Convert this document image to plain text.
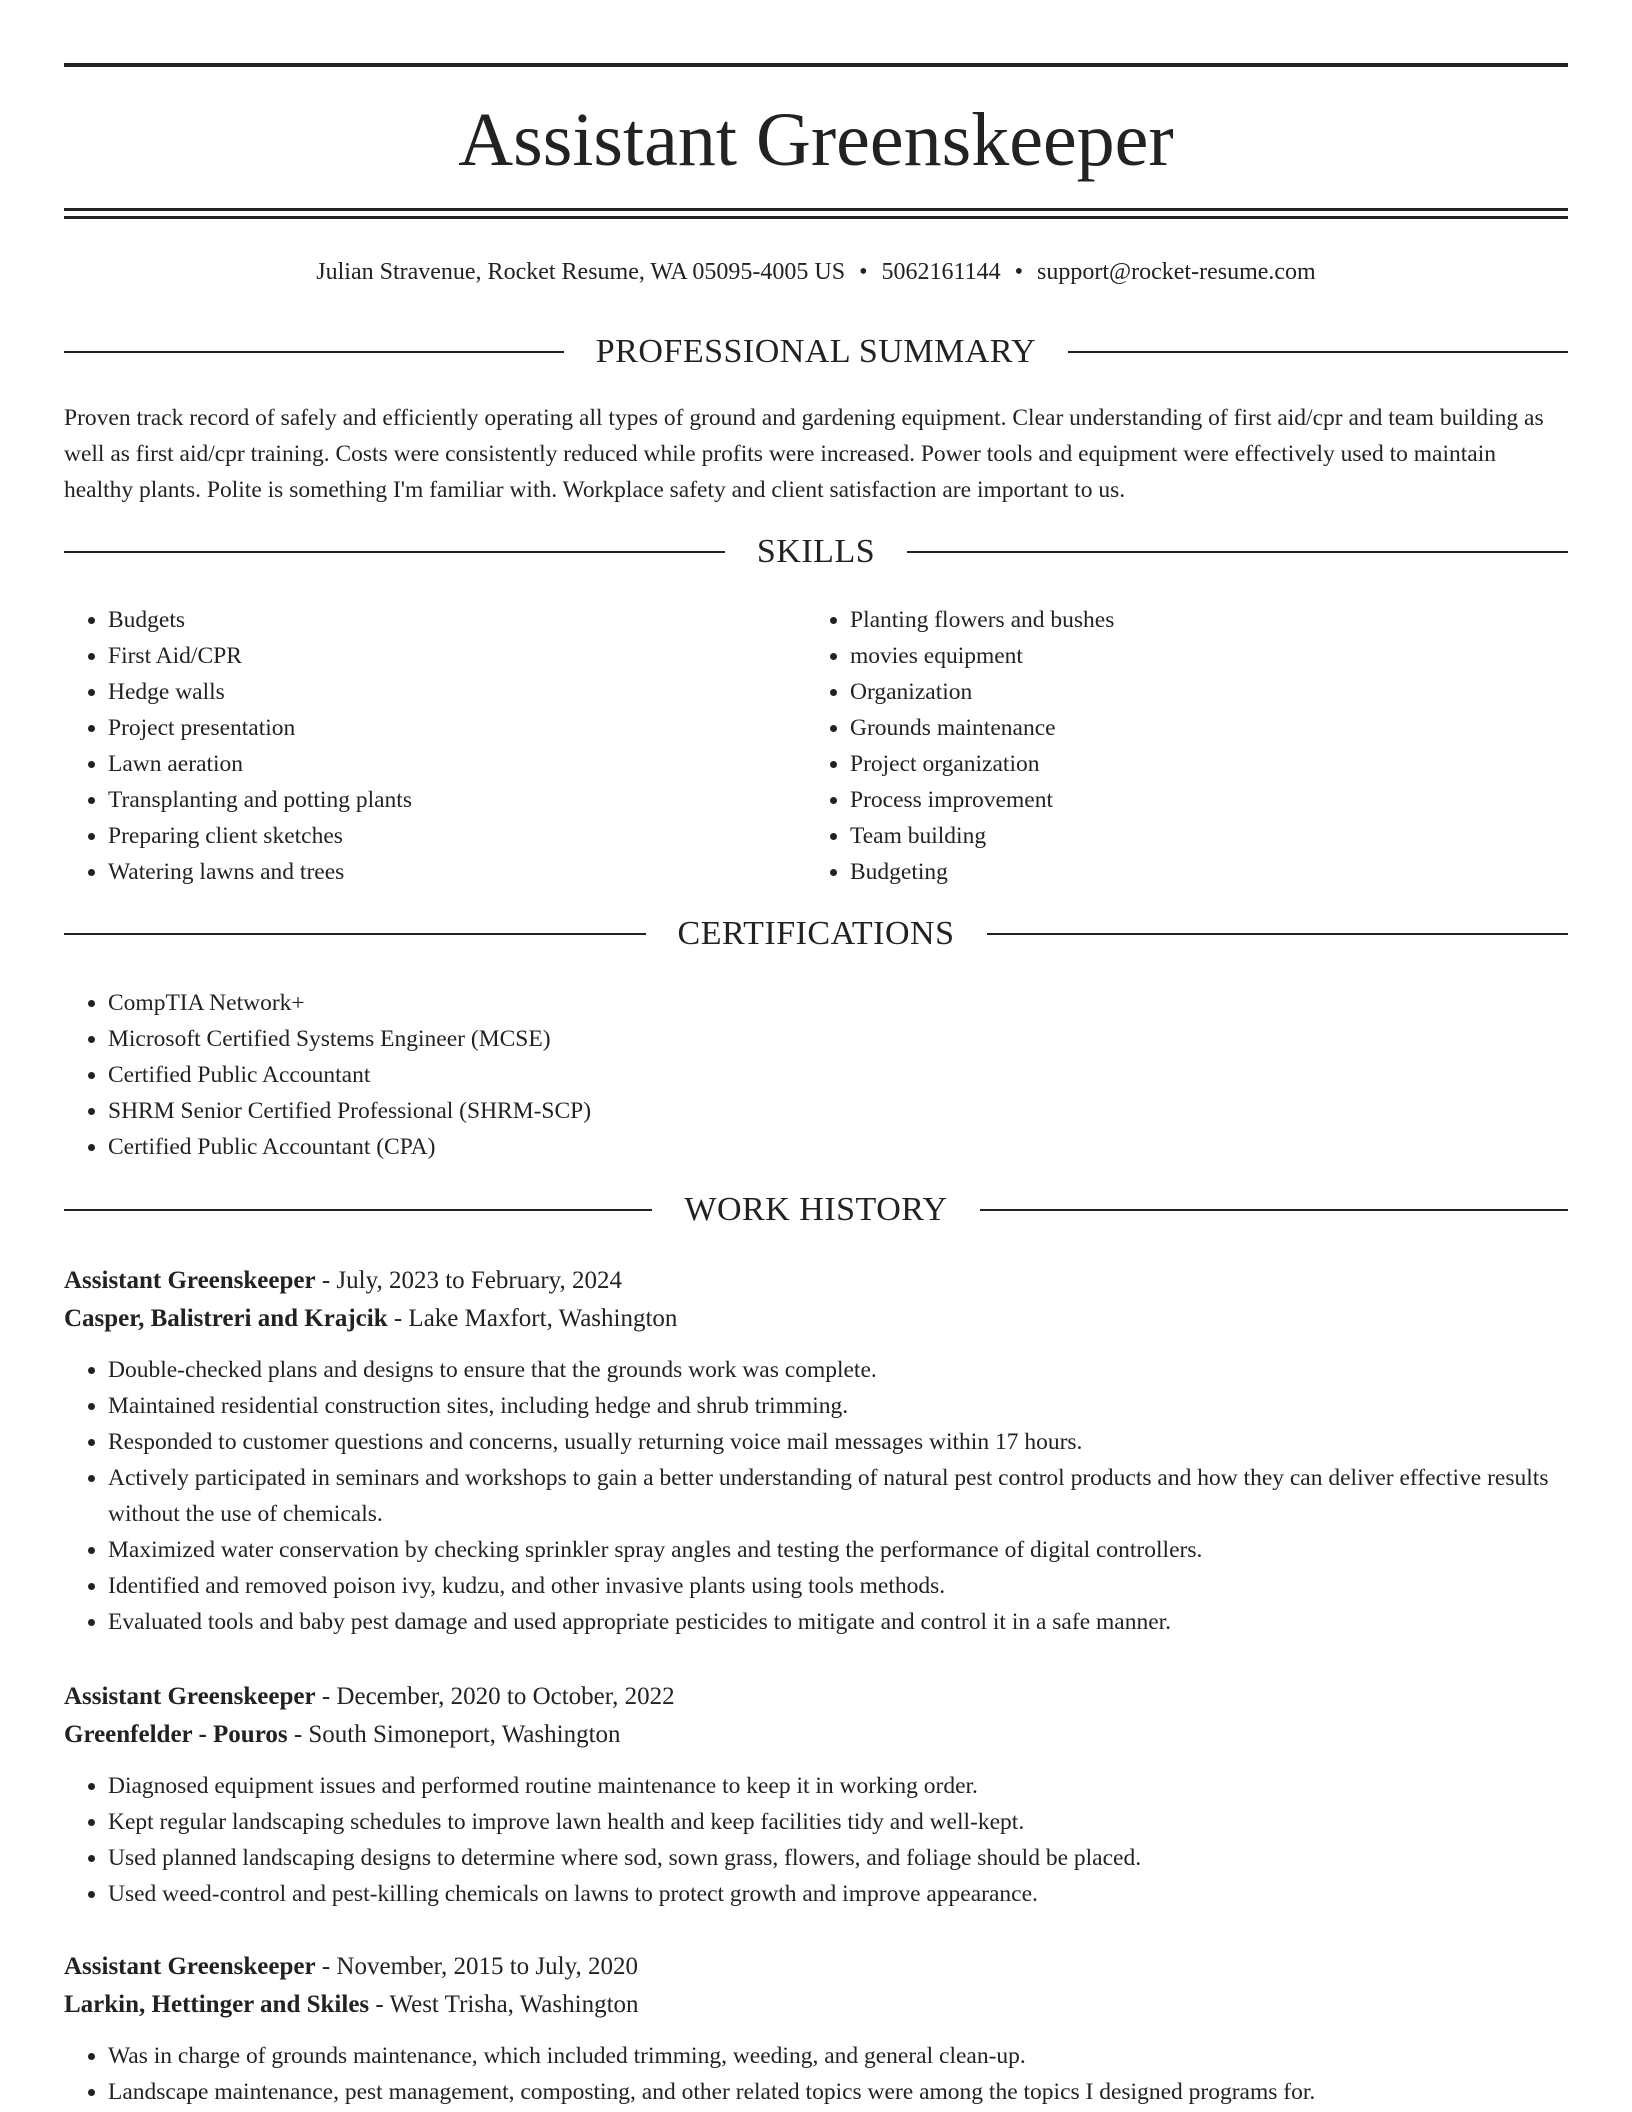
Assistant Greenskeeper
Julian Stravenue, Rocket Resume, WA 05095-4005 US • 5062161144 • support@rocket-resume.com
PROFESSIONAL SUMMARY

Proven track record of safely and efficiently operating all types of ground and gardening equipment. Clear understanding of first aid/cpr and team building as well as first aid/cpr training. Costs were consistently reduced while profits were increased. Power tools and equipment were effectively used to maintain healthy plants. Polite is something I'm familiar with. Workplace safety and client satisfaction are important to us.

SKILLS
• Budgets
• First Aid/CPR
• Hedge walls
• Project presentation
• Lawn aeration
• Transplanting and potting plants
• Preparing client sketches
• Watering lawns and trees
• Planting flowers and bushes
• movies equipment
• Organization
• Grounds maintenance
• Project organization
• Process improvement
• Team building
• Budgeting
CERTIFICATIONS
• CompTIA Network+
• Microsoft Certified Systems Engineer (MCSE)
• Certified Public Accountant
• SHRM Senior Certified Professional (SHRM-SCP)
• Certified Public Accountant (CPA)
WORK HISTORY
Assistant Greenskeeper - July, 2023 to February, 2024
Casper, Balistreri and Krajcik - Lake Maxfort, Washington
• Double-checked plans and designs to ensure that the grounds work was complete.
• Maintained residential construction sites, including hedge and shrub trimming.
• Responded to customer questions and concerns, usually returning voice mail messages within 17 hours.
• Actively participated in seminars and workshops to gain a better understanding of natural pest control products and how they can deliver effective results without the use of chemicals.
• Maximized water conservation by checking sprinkler spray angles and testing the performance of digital controllers.
• Identified and removed poison ivy, kudzu, and other invasive plants using tools methods.
• Evaluated tools and baby pest damage and used appropriate pesticides to mitigate and control it in a safe manner.
Assistant Greenskeeper - December, 2020 to October, 2022
Greenfelder - Pouros - South Simoneport, Washington
• Diagnosed equipment issues and performed routine maintenance to keep it in working order.
• Kept regular landscaping schedules to improve lawn health and keep facilities tidy and well-kept.
• Used planned landscaping designs to determine where sod, sown grass, flowers, and foliage should be placed.
• Used weed-control and pest-killing chemicals on lawns to protect growth and improve appearance.
Assistant Greenskeeper - November, 2015 to July, 2020
Larkin, Hettinger and Skiles - West Trisha, Washington
• Was in charge of grounds maintenance, which included trimming, weeding, and general clean-up.
• Landscape maintenance, pest management, composting, and other related topics were among the topics I designed programs for.
